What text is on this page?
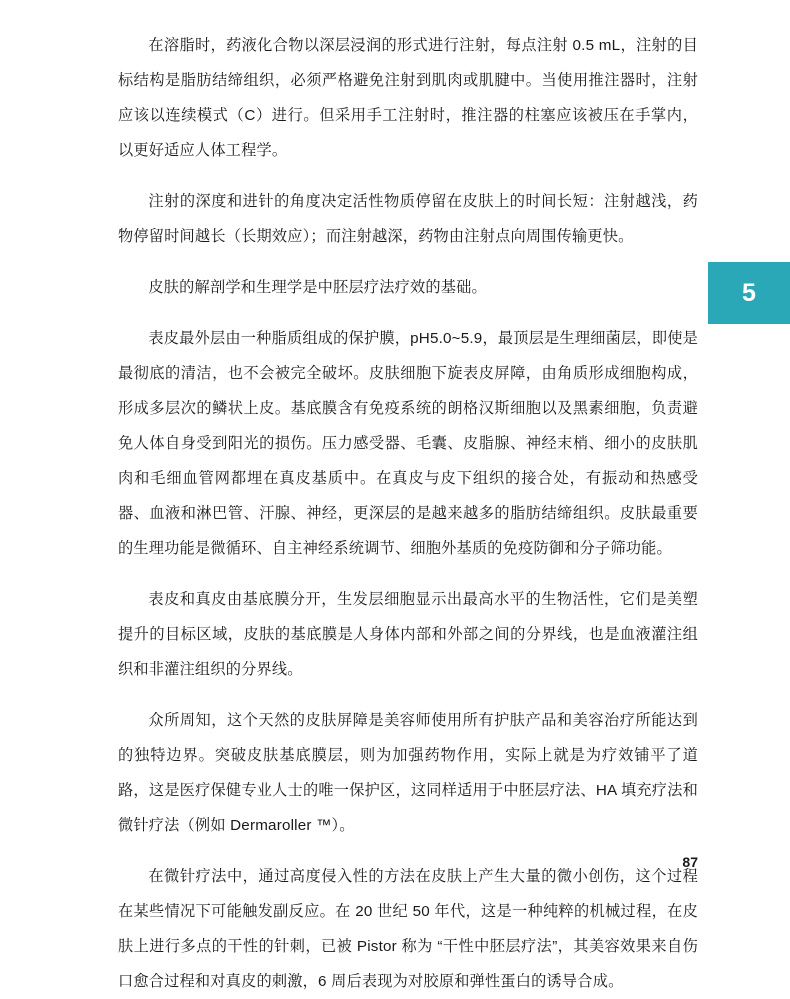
5

在溶脂时，药液化合物以深层浸润的形式进行注射，每点注射 0.5 mL，注射的目标结构是脂肪结缔组织，必须严格避免注射到肌肉或肌腱中。当使用推注器时，注射应该以连续模式（C）进行。但采用手工注射时，推注器的柱塞应该被压在手掌内，以更好适应人体工程学。

注射的深度和进针的角度决定活性物质停留在皮肤上的时间长短：注射越浅，药物停留时间越长（长期效应）；而注射越深，药物由注射点向周围传输更快。

皮肤的解剖学和生理学是中胚层疗法疗效的基础。

表皮最外层由一种脂质组成的保护膜，pH5.0~5.9，最顶层是生理细菌层，即使是最彻底的清洁，也不会被完全破坏。皮肤细胞下旋表皮屏障，由角质形成细胞构成，形成多层次的鳞状上皮。基底膜含有免疫系统的朗格汉斯细胞以及黑素细胞，负责避免人体自身受到阳光的损伤。压力感受器、毛囊、皮脂腺、神经末梢、细小的皮肤肌肉和毛细血管网都埋在真皮基质中。在真皮与皮下组织的接合处，有振动和热感受器、血液和淋巴管、汗腺、神经，更深层的是越来越多的脂肪结缔组织。皮肤最重要的生理功能是微循环、自主神经系统调节、细胞外基质的免疫防御和分子筛功能。

表皮和真皮由基底膜分开，生发层细胞显示出最高水平的生物活性，它们是美塑提升的目标区域，皮肤的基底膜是人身体内部和外部之间的分界线，也是血液灌注组织和非灌注组织的分界线。

众所周知，这个天然的皮肤屏障是美容师使用所有护肤产品和美容治疗所能达到的独特边界。突破皮肤基底膜层，则为加强药物作用，实际上就是为疗效铺平了道路，这是医疗保健专业人士的唯一保护区，这同样适用于中胚层疗法、HA 填充疗法和微针疗法（例如 Dermaroller ™）。

在微针疗法中，通过高度侵入性的方法在皮肤上产生大量的微小创伤，这个过程在某些情况下可能触发副反应。在 20 世纪 50 年代，这是一种纯粹的机械过程，在皮肤上进行多点的干性的针刺，已被 Pistor 称为 “干性中胚层疗法”，其美容效果来自伤口愈合过程和对真皮的刺激，6 周后表现为对胶原和弹性蛋白的诱导合成。

87
